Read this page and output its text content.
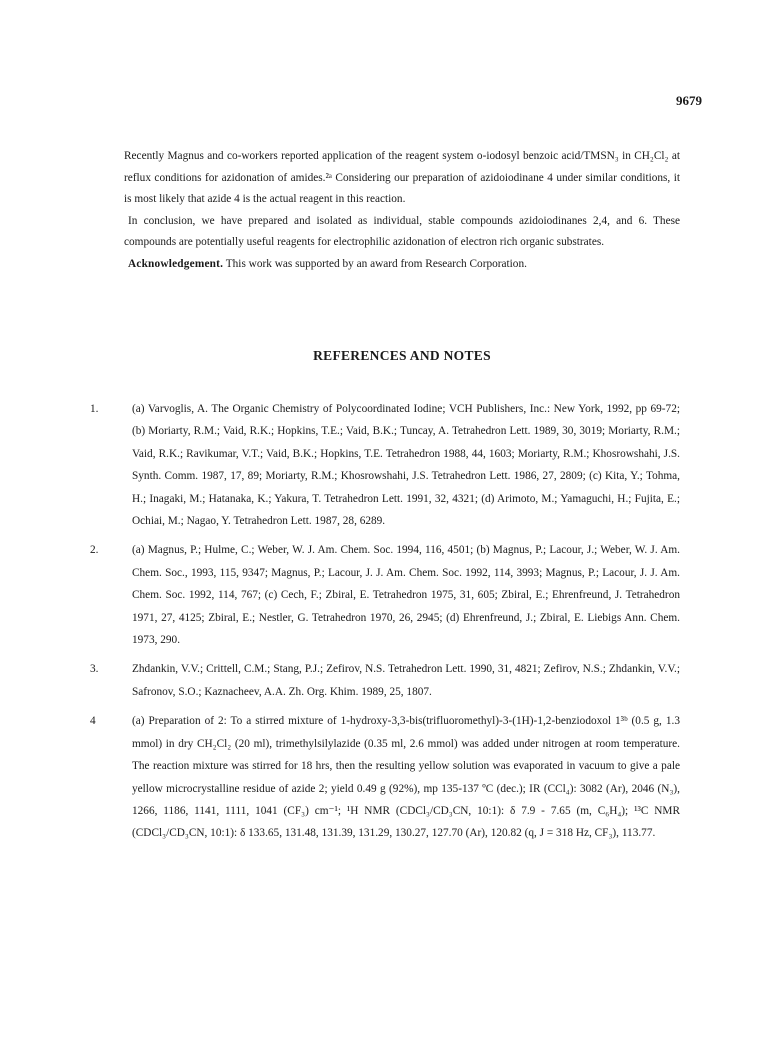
9679

Recently Magnus and co-workers reported application of the reagent system o-iodosyl benzoic acid/TMSN₃ in CH₂Cl₂ at reflux conditions for azidonation of amides.²ᵃ Considering our preparation of azidoiodinane 4 under similar conditions, it is most likely that azide 4 is the actual reagent in this reaction.

In conclusion, we have prepared and isolated as individual, stable compounds azidoiodinanes 2,4, and 6. These compounds are potentially useful reagents for electrophilic azidonation of electron rich organic substrates.

Acknowledgement. This work was supported by an award from Research Corporation.

REFERENCES AND NOTES
1.	(a) Varvoglis, A. The Organic Chemistry of Polycoordinated Iodine; VCH Publishers, Inc.: New York, 1992, pp 69-72; (b) Moriarty, R.M.; Vaid, R.K.; Hopkins, T.E.; Vaid, B.K.; Tuncay, A. Tetrahedron Lett. 1989, 30, 3019; Moriarty, R.M.; Vaid, R.K.; Ravikumar, V.T.; Vaid, B.K.; Hopkins, T.E. Tetrahedron 1988, 44, 1603; Moriarty, R.M.; Khosrowshahi, J.S. Synth. Comm. 1987, 17, 89; Moriarty, R.M.; Khosrowshahi, J.S. Tetrahedron Lett. 1986, 27, 2809; (c) Kita, Y.; Tohma, H.; Inagaki, M.; Hatanaka, K.; Yakura, T. Tetrahedron Lett. 1991, 32, 4321; (d) Arimoto, M.; Yamaguchi, H.; Fujita, E.; Ochiai, M.; Nagao, Y. Tetrahedron Lett. 1987, 28, 6289.
2.	(a) Magnus, P.; Hulme, C.; Weber, W. J. Am. Chem. Soc. 1994, 116, 4501; (b) Magnus, P.; Lacour, J.; Weber, W. J. Am. Chem. Soc., 1993, 115, 9347; Magnus, P.; Lacour, J. J. Am. Chem. Soc. 1992, 114, 3993; Magnus, P.; Lacour, J. J. Am. Chem. Soc. 1992, 114, 767; (c) Cech, F.; Zbiral, E. Tetrahedron 1975, 31, 605; Zbiral, E.; Ehrenfreund, J. Tetrahedron 1971, 27, 4125; Zbiral, E.; Nestler, G. Tetrahedron 1970, 26, 2945; (d) Ehrenfreund, J.; Zbiral, E. Liebigs Ann. Chem. 1973, 290.
3.	Zhdankin, V.V.; Crittell, C.M.; Stang, P.J.; Zefirov, N.S. Tetrahedron Lett. 1990, 31, 4821; Zefirov, N.S.; Zhdankin, V.V.; Safronov, S.O.; Kaznacheev, A.A. Zh. Org. Khim. 1989, 25, 1807.
4	(a) Preparation of 2: To a stirred mixture of 1-hydroxy-3,3-bis(trifluoromethyl)-3-(1H)-1,2-benziodoxol 1³ᵇ (0.5 g, 1.3 mmol) in dry CH₂Cl₂ (20 ml), trimethylsilylazide (0.35 ml, 2.6 mmol) was added under nitrogen at room temperature. The reaction mixture was stirred for 18 hrs, then the resulting yellow solution was evaporated in vacuum to give a pale yellow microcrystalline residue of azide 2; yield 0.49 g (92%), mp 135-137 ºC (dec.); IR (CCl₄): 3082 (Ar), 2046 (N₃), 1266, 1186, 1141, 1111, 1041 (CF₃) cm⁻¹; ¹H NMR (CDCl₃/CD₃CN, 10:1): δ 7.9 - 7.65 (m, C₆H₄); ¹³C NMR (CDCl₃/CD₃CN, 10:1): δ 133.65, 131.48, 131.39, 131.29, 130.27, 127.70 (Ar), 120.82 (q, J = 318 Hz, CF₃), 113.77.
